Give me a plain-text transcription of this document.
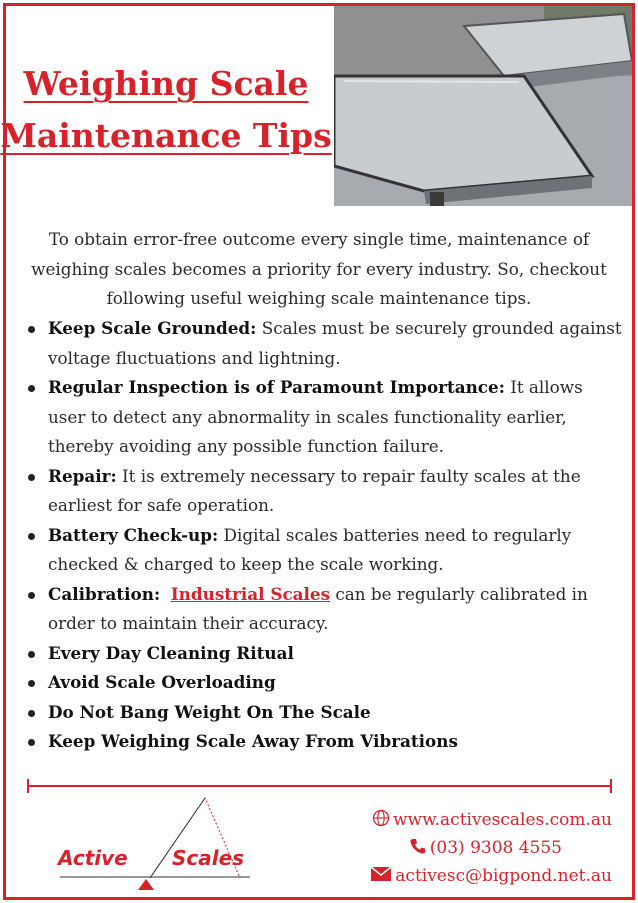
Weighing Scale
Maintenance Tips

To obtain error-free outcome every single time, maintenance of weighing scales becomes a priority for every industry. So, checkout following useful weighing scale maintenance tips.

Keep Scale Grounded: Scales must be securely grounded against voltage fluctuations and lightning.
Regular Inspection is of Paramount Importance: It allows user to detect any abnormality in scales functionality earlier, thereby avoiding any possible function failure.
Repair: It is extremely necessary to repair faulty scales at the earliest for safe operation.
Battery Check-up: Digital scales batteries need to regularly checked & charged to keep the scale working.
Calibration: Industrial Scales can be regularly calibrated in order to maintain their accuracy.
Every Day Cleaning Ritual
Avoid Scale Overloading
Do Not Bang Weight On The Scale
Keep Weighing Scale Away From Vibrations
Active Scales
www.activescales.com.au
(03) 9308 4555
activesc@bigpond.net.au
